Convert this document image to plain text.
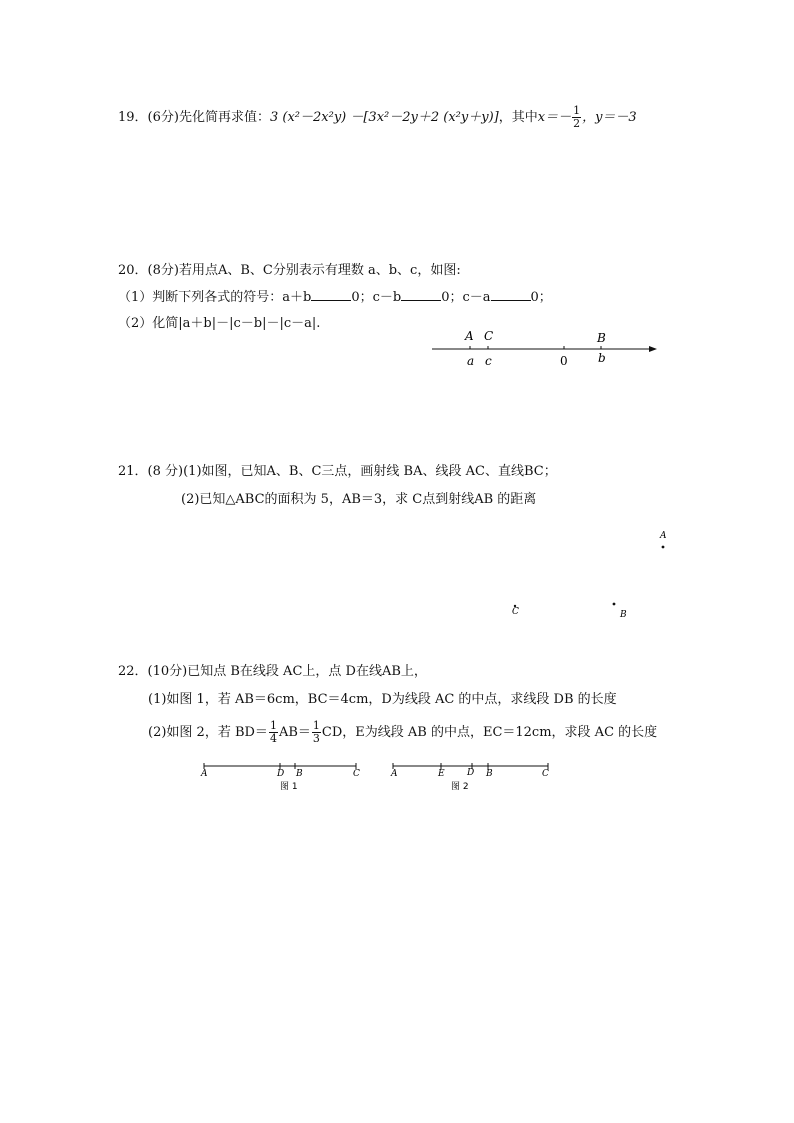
19．(6分)先化简再求值：3 (x²－2x²y) －[3x²－2y＋2 (x²y＋y)]，其中$x=- \frac{1}{2}$ ，y＝－3
20．(8分)若用点A、B、C分别表示有理数 a、b、c，如图:
（1）判断下列各式的符号：a＋b	0；c－b	0；c－a	0；
（2）化简|a＋b|－|c－b|－|c－a|.
A C	B
a c	0	b
A
C	B
A	D B	C
图 1
A	E D B	C
图 2
21．(8 分)(1)如图，已知A、B、C三点，画射线 BA、线段 AC、直线BC；
(2)已知△ABC的面积为 5，AB＝3，求 C点到射线AB 的距离
22．(10分)已知点 B在线段 AC上，点 D在线AB上，
(1)如图 1，若 AB＝6cm，BC＝4cm，D为线段 AC 的中点，求线段 DB 的长度
(2)如图 2，若 $BD= \frac{1}{4} AB= \frac{1}{3}$ CD，E为线段 AB 的中点，EC＝12cm，求段 AC 的长度
